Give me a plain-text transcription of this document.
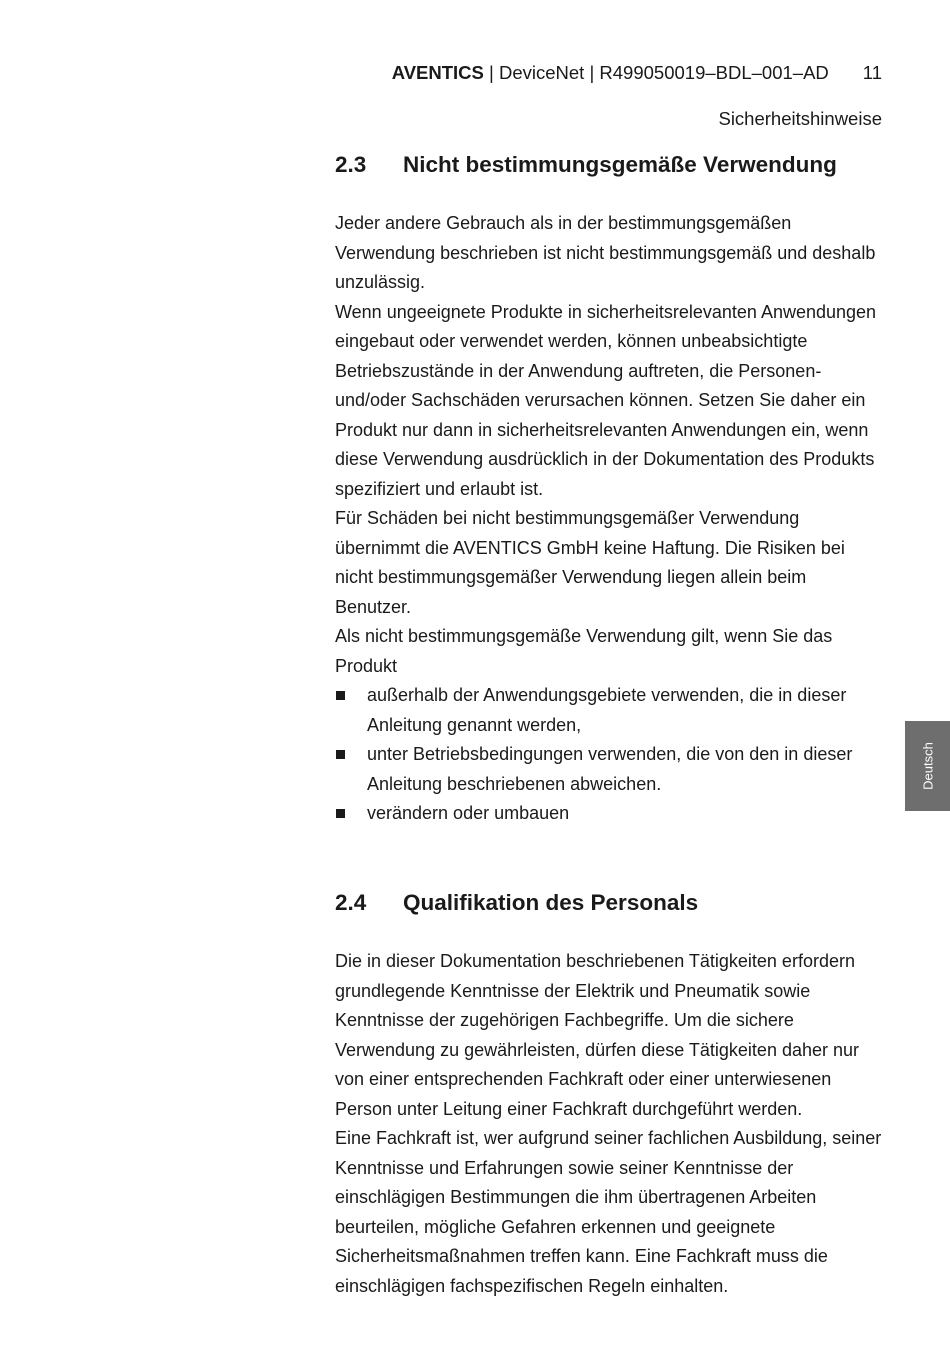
AVENTICS | DeviceNet | R499050019–BDL–001–AD 11
Sicherheitshinweise
2.3 Nicht bestimmungsgemäße Verwendung

Jeder andere Gebrauch als in der bestimmungsgemäßen Verwendung beschrieben ist nicht bestimmungsgemäß und deshalb unzulässig.

Wenn ungeeignete Produkte in sicherheitsrelevanten Anwendungen eingebaut oder verwendet werden, können unbeabsichtigte Betriebszustände in der Anwendung auftreten, die Personen- und/oder Sachschäden verursachen können. Setzen Sie daher ein Produkt nur dann in sicherheitsrelevanten Anwendungen ein, wenn diese Verwendung ausdrücklich in der Dokumentation des Produkts spezifiziert und erlaubt ist.

Für Schäden bei nicht bestimmungsgemäßer Verwendung übernimmt die AVENTICS GmbH keine Haftung. Die Risiken bei nicht bestimmungsgemäßer Verwendung liegen allein beim Benutzer.

Als nicht bestimmungsgemäße Verwendung gilt, wenn Sie das Produkt

außerhalb der Anwendungsgebiete verwenden, die in dieser Anleitung genannt werden,
unter Betriebsbedingungen verwenden, die von den in dieser Anleitung beschriebenen abweichen.
verändern oder umbauen
2.4 Qualifikation des Personals

Die in dieser Dokumentation beschriebenen Tätigkeiten erfordern grundlegende Kenntnisse der Elektrik und Pneumatik sowie Kenntnisse der zugehörigen Fachbegriffe. Um die sichere Verwendung zu gewährleisten, dürfen diese Tätigkeiten daher nur von einer entsprechenden Fachkraft oder einer unterwiesenen Person unter Leitung einer Fachkraft durchgeführt werden.

Eine Fachkraft ist, wer aufgrund seiner fachlichen Ausbildung, seiner Kenntnisse und Erfahrungen sowie seiner Kenntnisse der einschlägigen Bestimmungen die ihm übertragenen Arbeiten beurteilen, mögliche Gefahren erkennen und geeignete Sicherheitsmaßnahmen treffen kann. Eine Fachkraft muss die einschlägigen fachspezifischen Regeln einhalten.

Deutsch
